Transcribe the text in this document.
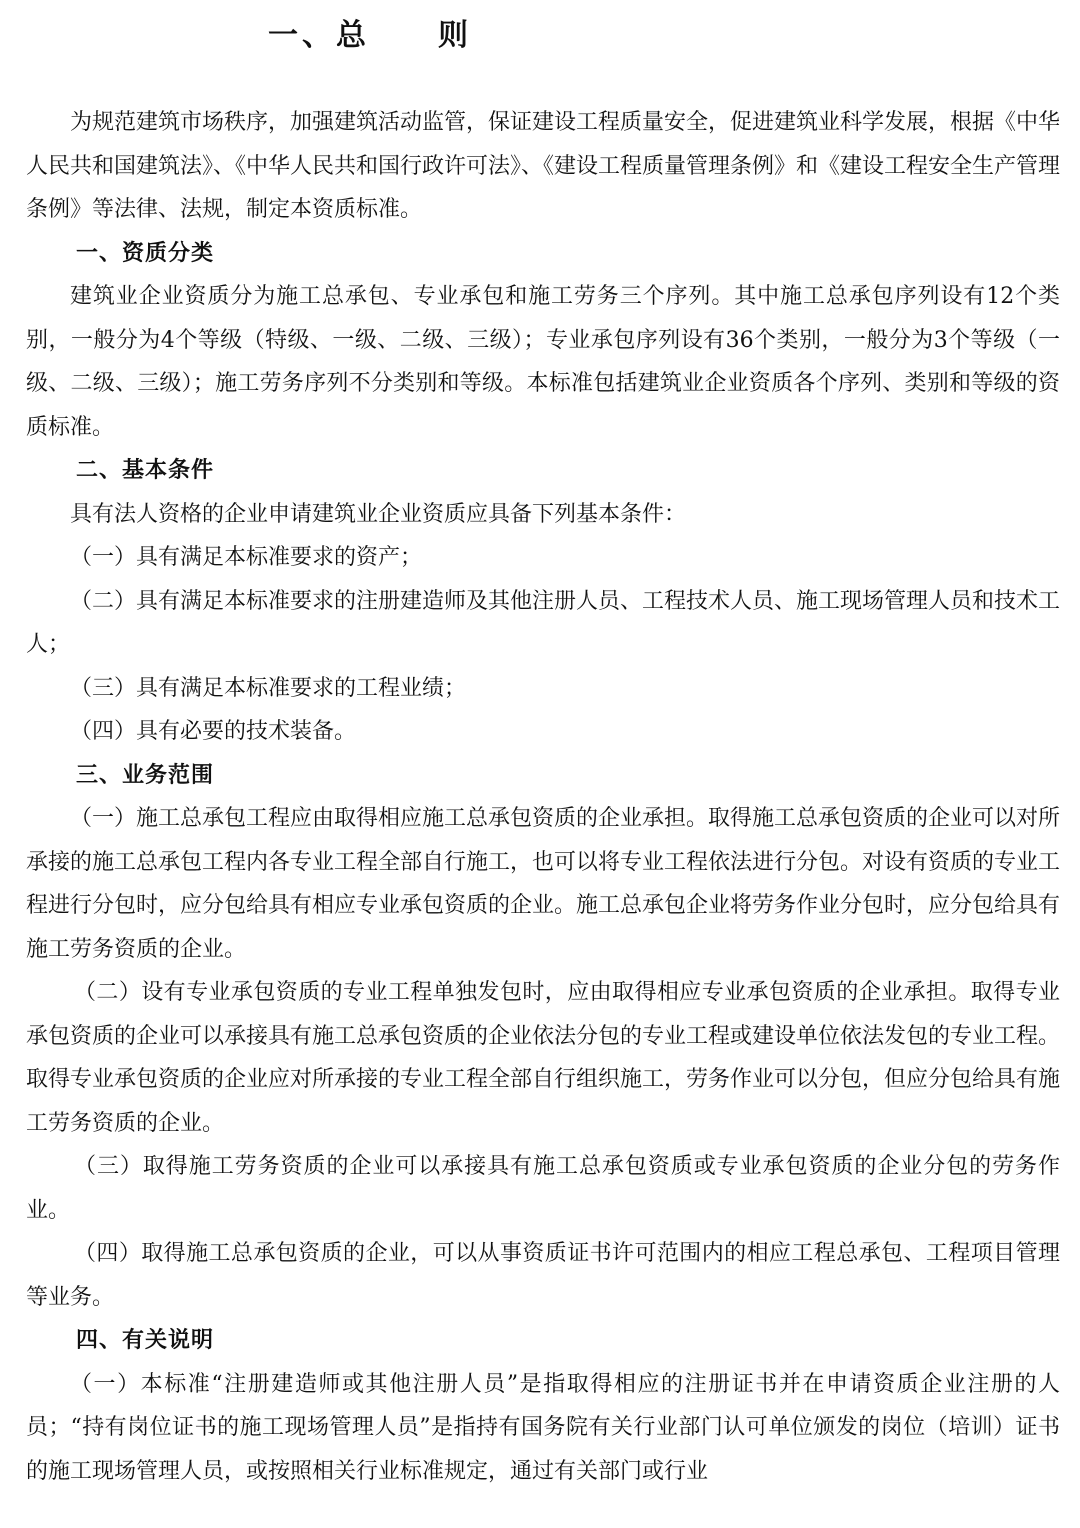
一、总　　则

为规范建筑市场秩序，加强建筑活动监管，保证建设工程质量安全，促进建筑业科学发展，根据《中华人民共和国建筑法》、《中华人民共和国行政许可法》、《建设工程质量管理条例》和《建设工程安全生产管理条例》等法律、法规，制定本资质标准。

一、资质分类

建筑业企业资质分为施工总承包、专业承包和施工劳务三个序列。其中施工总承包序列设有12个类别，一般分为4个等级（特级、一级、二级、三级）；专业承包序列设有36个类别，一般分为3个等级（一级、二级、三级）；施工劳务序列不分类别和等级。本标准包括建筑业企业资质各个序列、类别和等级的资质标准。

二、基本条件

具有法人资格的企业申请建筑业企业资质应具备下列基本条件：

（一）具有满足本标准要求的资产；

（二）具有满足本标准要求的注册建造师及其他注册人员、工程技术人员、施工现场管理人员和技术工人；

（三）具有满足本标准要求的工程业绩；

（四）具有必要的技术装备。

三、业务范围

（一）施工总承包工程应由取得相应施工总承包资质的企业承担。取得施工总承包资质的企业可以对所承接的施工总承包工程内各专业工程全部自行施工，也可以将专业工程依法进行分包。对设有资质的专业工程进行分包时，应分包给具有相应专业承包资质的企业。施工总承包企业将劳务作业分包时，应分包给具有施工劳务资质的企业。

（二）设有专业承包资质的专业工程单独发包时，应由取得相应专业承包资质的企业承担。取得专业承包资质的企业可以承接具有施工总承包资质的企业依法分包的专业工程或建设单位依法发包的专业工程。取得专业承包资质的企业应对所承接的专业工程全部自行组织施工，劳务作业可以分包，但应分包给具有施工劳务资质的企业。

（三）取得施工劳务资质的企业可以承接具有施工总承包资质或专业承包资质的企业分包的劳务作业。

（四）取得施工总承包资质的企业，可以从事资质证书许可范围内的相应工程总承包、工程项目管理等业务。

四、有关说明

（一）本标准“注册建造师或其他注册人员”是指取得相应的注册证书并在申请资质企业注册的人员；“持有岗位证书的施工现场管理人员”是指持有国务院有关行业部门认可单位颁发的岗位（培训）证书的施工现场管理人员，或按照相关行业标准规定，通过有关部门或行业
